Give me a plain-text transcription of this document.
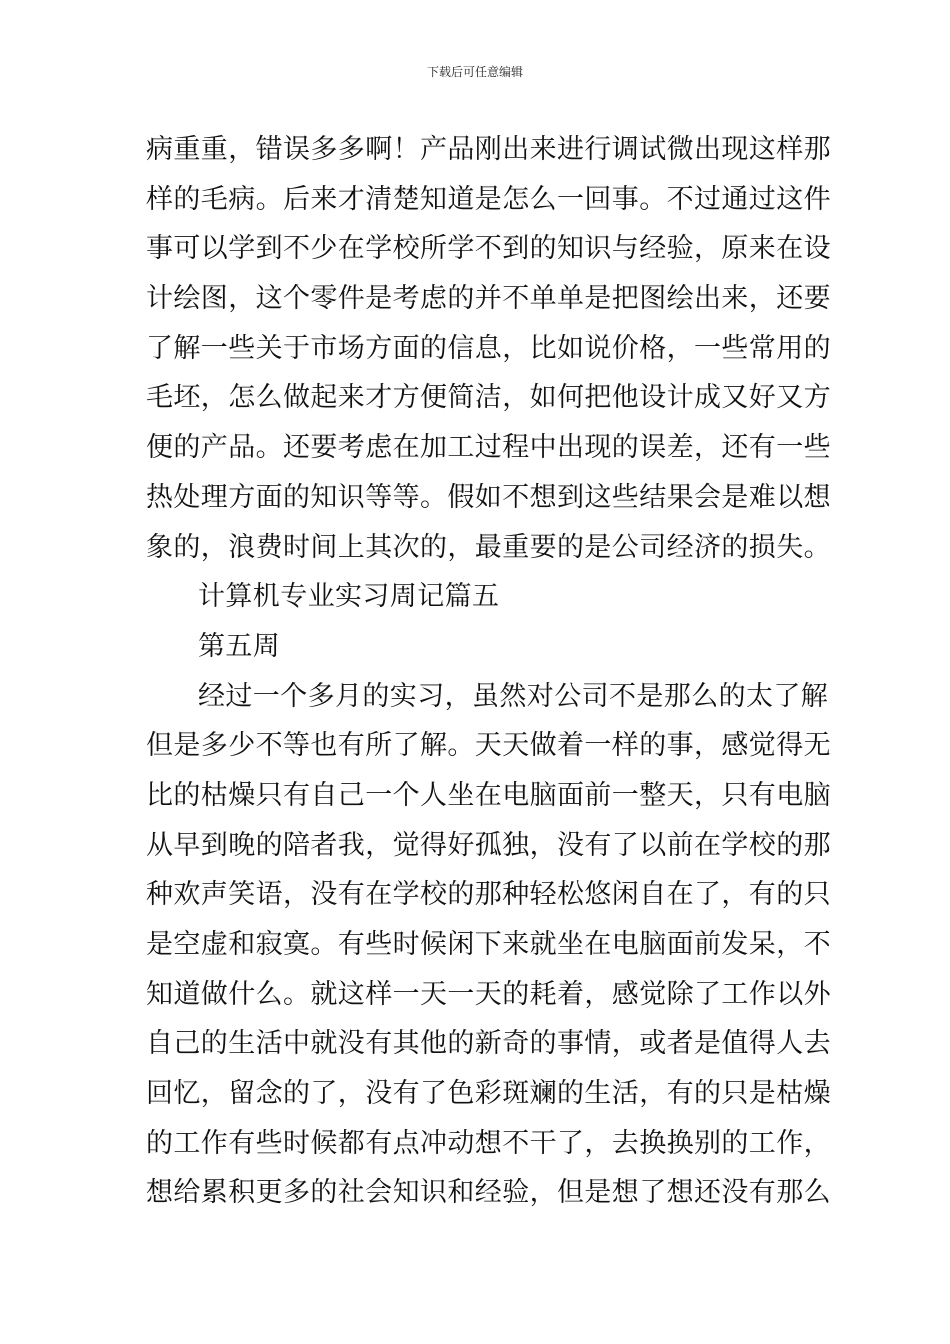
下载后可任意编辑
病重重，错误多多啊！产品刚出来进行调试微出现这样那
样的毛病。后来才清楚知道是怎么一回事。不过通过这件
事可以学到不少在学校所学不到的知识与经验，原来在设
计绘图，这个零件是考虑的并不单单是把图绘出来，还要
了解一些关于市场方面的信息，比如说价格，一些常用的
毛坯，怎么做起来才方便简洁，如何把他设计成又好又方
便的产品。还要考虑在加工过程中出现的误差，还有一些
热处理方面的知识等等。假如不想到这些结果会是难以想
象的，浪费时间上其次的，最重要的是公司经济的损失。
计算机专业实习周记篇五
第五周
经过一个多月的实习，虽然对公司不是那么的太了解
但是多少不等也有所了解。天天做着一样的事，感觉得无
比的枯燥只有自己一个人坐在电脑面前一整天，只有电脑
从早到晚的陪者我，觉得好孤独，没有了以前在学校的那
种欢声笑语，没有在学校的那种轻松悠闲自在了，有的只
是空虚和寂寞。有些时候闲下来就坐在电脑面前发呆，不
知道做什么。就这样一天一天的耗着，感觉除了工作以外
自己的生活中就没有其他的新奇的事情，或者是值得人去
回忆，留念的了，没有了色彩斑斓的生活，有的只是枯燥
的工作有些时候都有点冲动想不干了，去换换别的工作，
想给累积更多的社会知识和经验，但是想了想还没有那么
